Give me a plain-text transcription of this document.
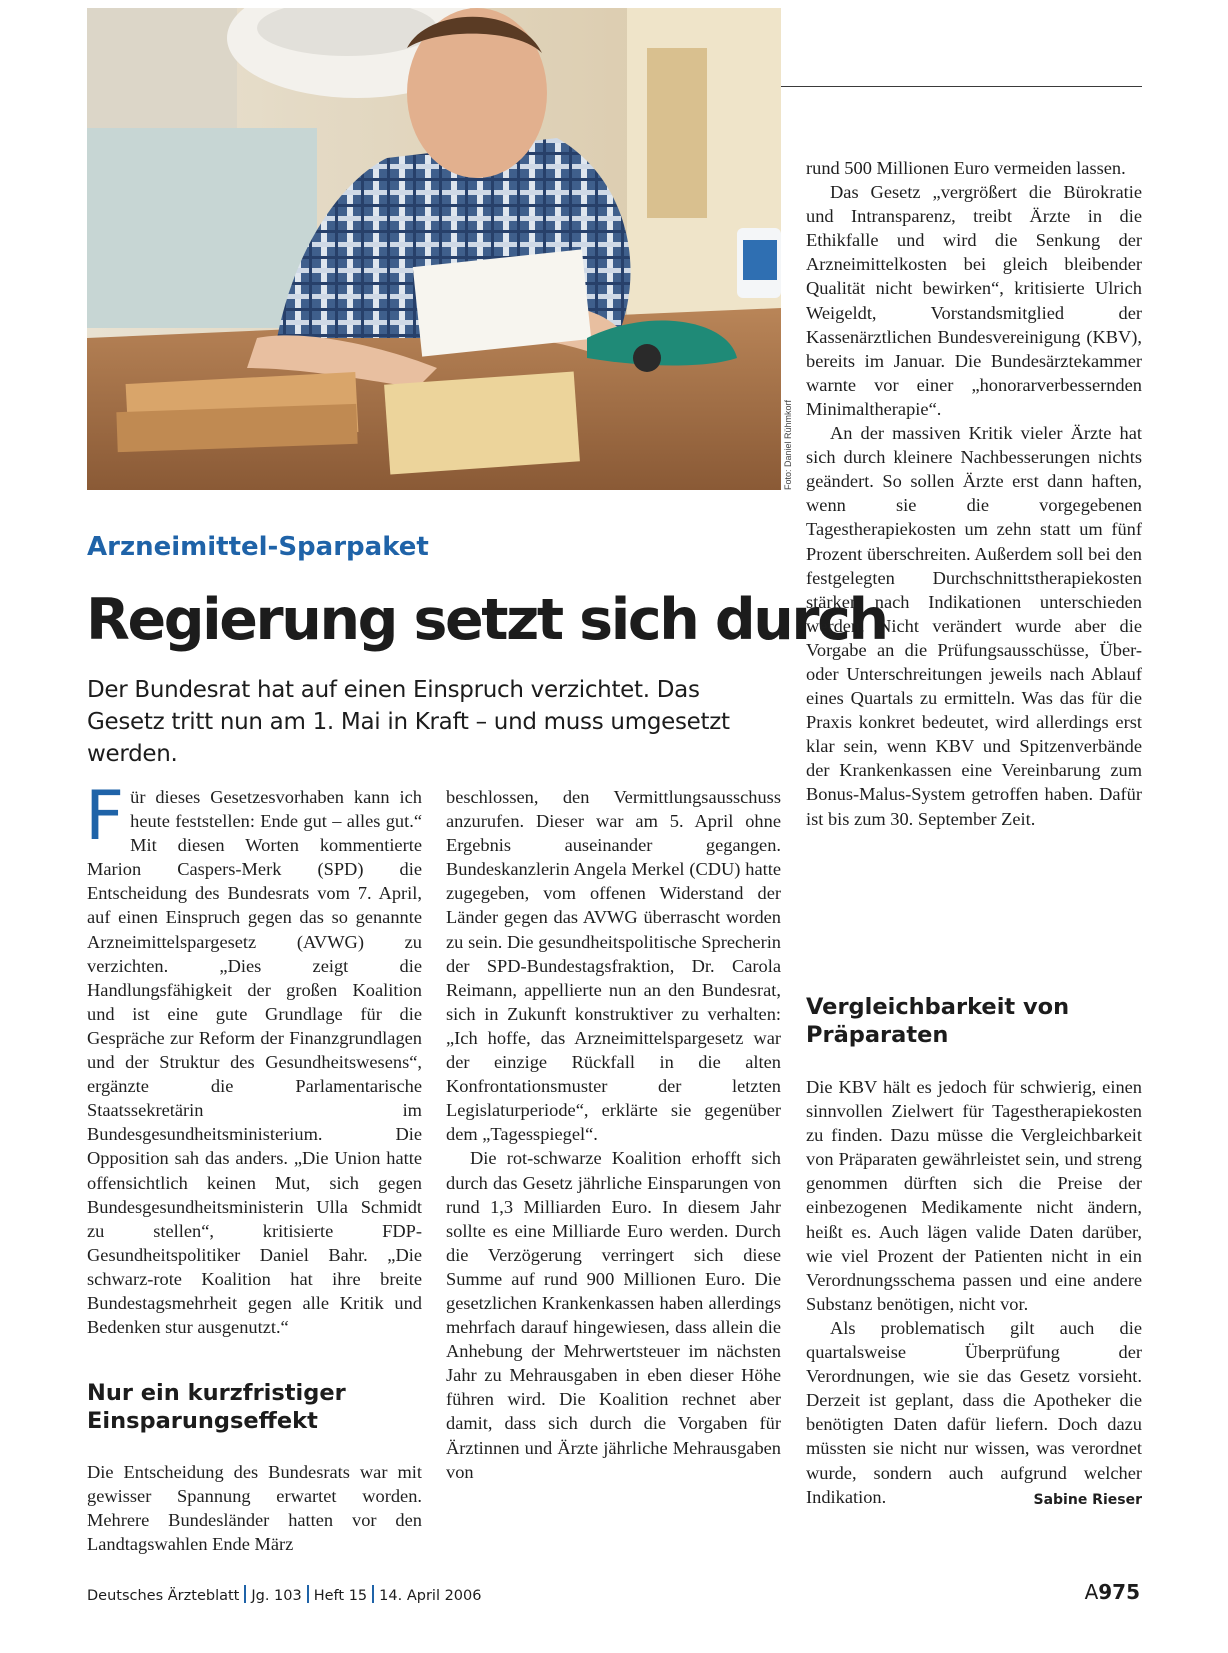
Foto: Daniel Rühmkorf
Arzneimittel-Sparpaket
Regierung setzt sich durch
Der Bundesrat hat auf einen Einspruch verzichtet. Das Gesetz tritt nun am 1. Mai in Kraft – und muss umgesetzt werden.

Für dieses Gesetzesvorhaben kann ich heute feststellen: Ende gut – alles gut.“ Mit diesen Worten kommentierte Marion Caspers-Merk (SPD) die Entscheidung des Bundesrats vom 7. April, auf einen Einspruch gegen das so genannte Arzneimittelspargesetz (AVWG) zu verzichten. „Dies zeigt die Handlungsfähigkeit der großen Koalition und ist eine gute Grundlage für die Gespräche zur Reform der Finanzgrundlagen und der Struktur des Gesundheitswesens“, ergänzte die Parlamentarische Staatssekretärin im Bundesgesundheitsministerium. Die Opposition sah das anders. „Die Union hatte offensichtlich keinen Mut, sich gegen Bundesgesundheitsministerin Ulla Schmidt zu stellen“, kritisierte FDP-Gesundheitspolitiker Daniel Bahr. „Die schwarz-rote Koalition hat ihre breite Bundestagsmehrheit gegen alle Kritik und Bedenken stur ausgenutzt.“

Nur ein kurzfristiger Einsparungseffekt

Die Entscheidung des Bundesrats war mit gewisser Spannung erwartet worden. Mehrere Bundesländer hatten vor den Landtagswahlen Ende März

beschlossen, den Vermittlungsausschuss anzurufen. Dieser war am 5. April ohne Ergebnis auseinander gegangen. Bundeskanzlerin Angela Merkel (CDU) hatte zugegeben, vom offenen Widerstand der Länder gegen das AVWG überrascht worden zu sein. Die gesundheitspolitische Sprecherin der SPD-Bundestagsfraktion, Dr. Carola Reimann, appellierte nun an den Bundesrat, sich in Zukunft konstruktiver zu verhalten: „Ich hoffe, das Arzneimittelspargesetz war der einzige Rückfall in die alten Konfrontationsmuster der letzten Legislaturperiode“, erklärte sie gegenüber dem „Tagesspiegel“.

Die rot-schwarze Koalition erhofft sich durch das Gesetz jährliche Einsparungen von rund 1,3 Milliarden Euro. In diesem Jahr sollte es eine Milliarde Euro werden. Durch die Verzögerung verringert sich diese Summe auf rund 900 Millionen Euro. Die gesetzlichen Krankenkassen haben allerdings mehrfach darauf hingewiesen, dass allein die Anhebung der Mehrwertsteuer im nächsten Jahr zu Mehrausgaben in eben dieser Höhe führen wird. Die Koalition rechnet aber damit, dass sich durch die Vorgaben für Ärztinnen und Ärzte jährliche Mehrausgaben von

rund 500 Millionen Euro vermeiden lassen.

Das Gesetz „vergrößert die Bürokratie und Intransparenz, treibt Ärzte in die Ethikfalle und wird die Senkung der Arzneimittelkosten bei gleich bleibender Qualität nicht bewirken“, kritisierte Ulrich Weigeldt, Vorstandsmitglied der Kassenärztlichen Bundesvereinigung (KBV), bereits im Januar. Die Bundesärztekammer warnte vor einer „honorarverbessernden Minimaltherapie“.

An der massiven Kritik vieler Ärzte hat sich durch kleinere Nachbesserungen nichts geändert. So sollen Ärzte erst dann haften, wenn sie die vorgegebenen Tagestherapiekosten um zehn statt um fünf Prozent überschreiten. Außerdem soll bei den festgelegten Durchschnittstherapiekosten stärker nach Indikationen unterschieden werden. Nicht verändert wurde aber die Vorgabe an die Prüfungsausschüsse, Über- oder Unterschreitungen jeweils nach Ablauf eines Quartals zu ermitteln. Was das für die Praxis konkret bedeutet, wird allerdings erst klar sein, wenn KBV und Spitzenverbände der Krankenkassen eine Vereinbarung zum Bonus-Malus-System getroffen haben. Dafür ist bis zum 30. September Zeit.

Vergleichbarkeit von Präparaten

Die KBV hält es jedoch für schwierig, einen sinnvollen Zielwert für Tagestherapiekosten zu finden. Dazu müsse die Vergleichbarkeit von Präparaten gewährleistet sein, und streng genommen dürften sich die Preise der einbezogenen Medikamente nicht ändern, heißt es. Auch lägen valide Daten darüber, wie viel Prozent der Patienten nicht in ein Verordnungsschema passen und eine andere Substanz benötigen, nicht vor.

Als problematisch gilt auch die quartalsweise Überprüfung der Verordnungen, wie sie das Gesetz vorsieht. Derzeit ist geplant, dass die Apotheker die benötigten Daten dafür liefern. Doch dazu müssten sie nicht nur wissen, was verordnet wurde, sondern auch aufgrund welcher Indikation.	Sabine Rieser

Deutsches Ärzteblatt Jg. 103 Heft 15 14. April 2006	A975
